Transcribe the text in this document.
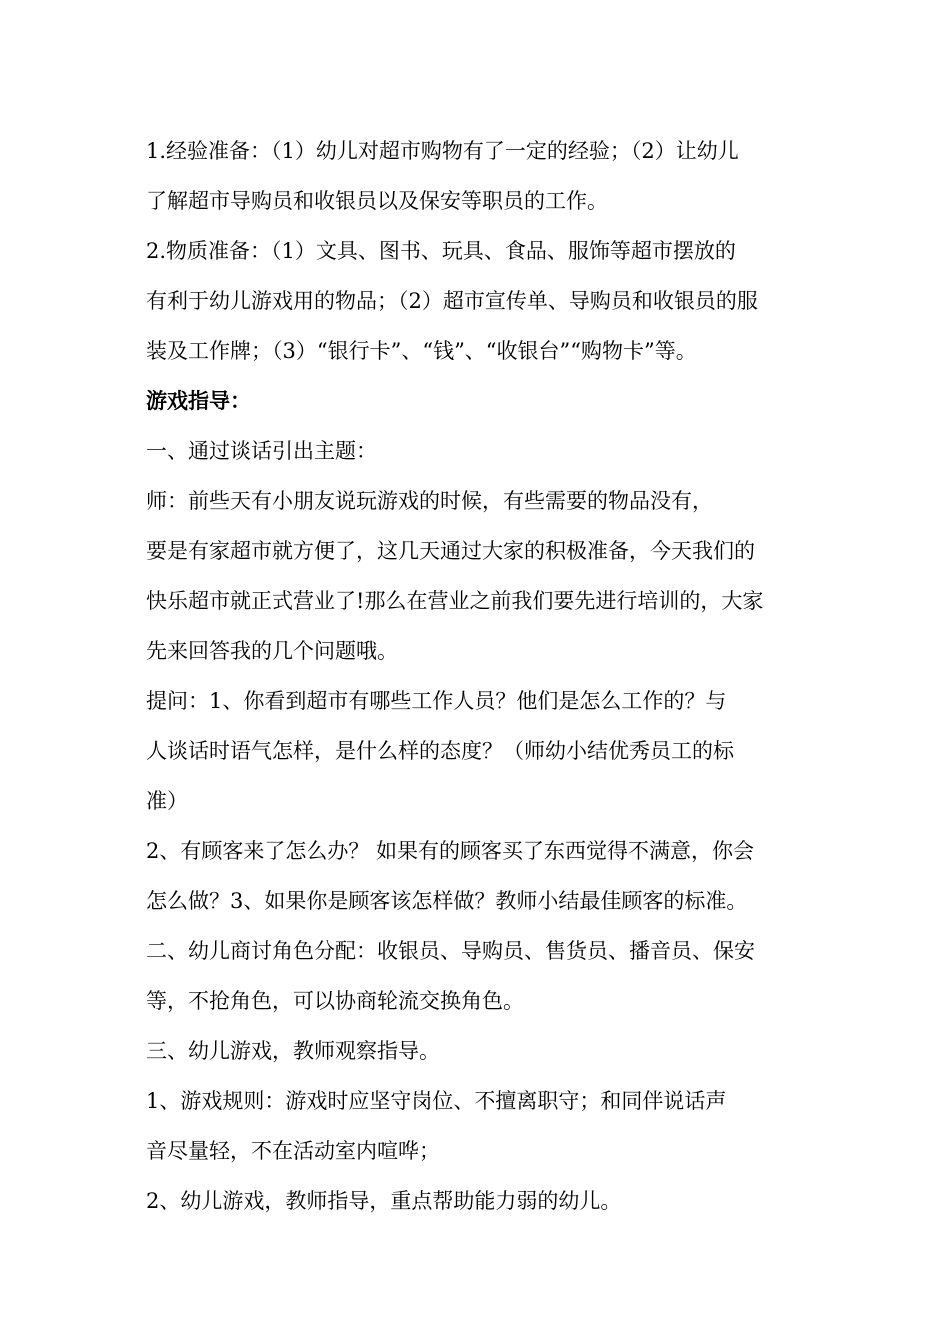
1.经验准备：（1）幼儿对超市购物有了一定的经验；（2）让幼儿
了解超市导购员和收银员以及保安等职员的工作。
2.物质准备：（1）文具、图书、玩具、食品、服饰等超市摆放的
有利于幼儿游戏用的物品；（2）超市宣传单、导购员和收银员的服
装及工作牌；（3）“银行卡”、“钱”、“收银台”“购物卡”等。
游戏指导：
一、通过谈话引出主题：
师：前些天有小朋友说玩游戏的时候，有些需要的物品没有，
要是有家超市就方便了，这几天通过大家的积极准备，今天我们的
快乐超市就正式营业了!那么在营业之前我们要先进行培训的，大家
先来回答我的几个问题哦。
提问：1、你看到超市有哪些工作人员？他们是怎么工作的？与
人谈话时语气怎样，是什么样的态度？（师幼小结优秀员工的标
准）
2、有顾客来了怎么办？ 如果有的顾客买了东西觉得不满意，你会
怎么做？3、如果你是顾客该怎样做？教师小结最佳顾客的标准。
二、幼儿商讨角色分配：收银员、导购员、售货员、播音员、保安
等，不抢角色，可以协商轮流交换角色。
三、幼儿游戏，教师观察指导。
1、游戏规则：游戏时应坚守岗位、不擅离职守；和同伴说话声
音尽量轻，不在活动室内喧哗；
2、幼儿游戏，教师指导，重点帮助能力弱的幼儿。
